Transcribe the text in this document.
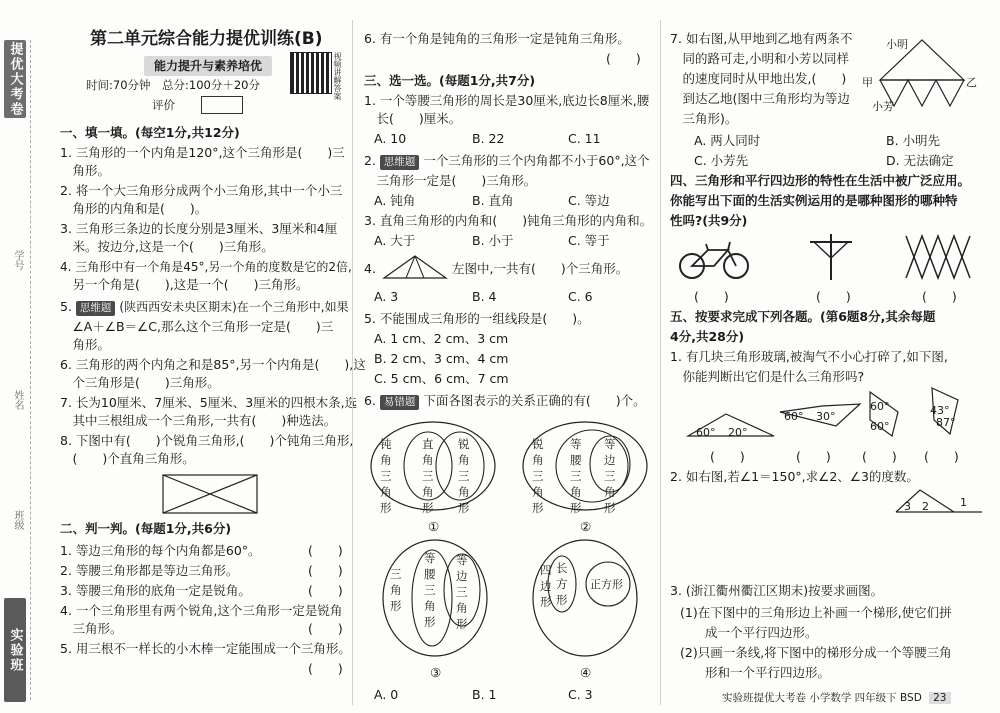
提优大考卷
学号
姓名
班级
实验班
第二单元综合能力提优训练(B)
能力提升与素养培优	视频讲解答案
时间:70分钟　总分:100分＋20分
评价
一、填一填。(每空1分,共12分)
1. 三角形的一个内角是120°,这个三角形是(　　)三
　角形。
2. 将一个大三角形分成两个小三角形,其中一个小三
　角形的内角和是(　　)。
3. 三角形三条边的长度分别是3厘米、3厘米和4厘
　米。按边分,这是一个(　　)三角形。
4. 三角形中有一个角是45°,另一个角的度数是它的2倍,
　另一个角是(　　),这是一个(　　)三角形。
5. 思维题 (陕西西安未央区期末)在一个三角形中,如果
　∠A＋∠B＝∠C,那么这个三角形一定是(　　)三
　角形。
6. 三角形的两个内角之和是85°,另一个内角是(　　),这
　个三角形是(　　)三角形。
7. 长为10厘米、7厘米、5厘米、3厘米的四根木条,选
　其中三根组成一个三角形,一共有(　　)种选法。
8. 下图中有(　　)个锐角三角形,(　　)个钝角三角形,
　(　　)个直角三角形。
二、判一判。(每题1分,共6分)
1. 等边三角形的每个内角都是60°。	(　　)
2. 等腰三角形都是等边三角形。	(　　)
3. 等腰三角形的底角一定是锐角。	(　　)
4. 一个三角形里有两个锐角,这个三角形一定是锐角
　三角形。	(　　)
5. 用三根不一样长的小木棒一定能围成一个三角形。
(　　)
6. 有一个角是钝角的三角形一定是钝角三角形。
(　　)
三、选一选。(每题1分,共7分)
1. 一个等腰三角形的周长是30厘米,底边长8厘米,腰
　长(　　)厘米。
A. 10	B. 22	C. 11
2. 思维题 一个三角形的三个内角都不小于60°,这个
　三角形一定是(　　)三角形。
A. 钝角	B. 直角	C. 等边
3. 直角三角形的内角和(　　)钝角三角形的内角和。
A. 大于	B. 小于	C. 等于
4.	左图中,一共有(　　)个三角形。
A. 3	B. 4	C. 6
5. 不能围成三角形的一组线段是(　　)。
A. 1 cm、2 cm、3 cm
B. 2 cm、3 cm、4 cm
C. 5 cm、6 cm、7 cm
6. 易错题 下面各图表示的关系正确的有(　　)个。
钝角三角形
直角三角形
锐角三角形
①
锐角三角形
等腰三角形
等边三角形
②
三角形
等腰三角形
等边三角形
③
四边形
长方形
正方形
④
A. 0	B. 1	C. 3
7. 如右图,从甲地到乙地有两条不
　同的路可走,小明和小芳以同样
　的速度同时从甲地出发,(　　)
　到达乙地(图中三角形均为等边
　三角形)。
小明
甲	乙
小芳
A. 两人同时	B. 小明先
C. 小芳先	D. 无法确定
四、三角形和平行四边形的特性在生活中被广泛应用。
你能写出下面的生活实例运用的是哪种图形的哪种特
性吗?(共9分)
(　　)	(　　)	(　　)
五、按要求完成下列各题。(第6题8分,其余每题
4分,共28分)
1. 有几块三角形玻璃,被淘气不小心打碎了,如下图,
　你能判断出它们是什么三角形吗?
60° 20°
60° 30°
60°
60°
43°
87°
(　　)	(　　) (　　) (　　)
2. 如右图,若∠1＝150°,求∠2、∠3的度数。
3 2	1
3. (浙江衢州衢江区期末)按要求画图。
(1)在下图中的三角形边上补画一个梯形,使它们拼
　　成一个平行四边形。
(2)只画一条线,将下图中的梯形分成一个等腰三角
　　形和一个平行四边形。
实验班提优大考卷 小学数学 四年级下 BSD 23
